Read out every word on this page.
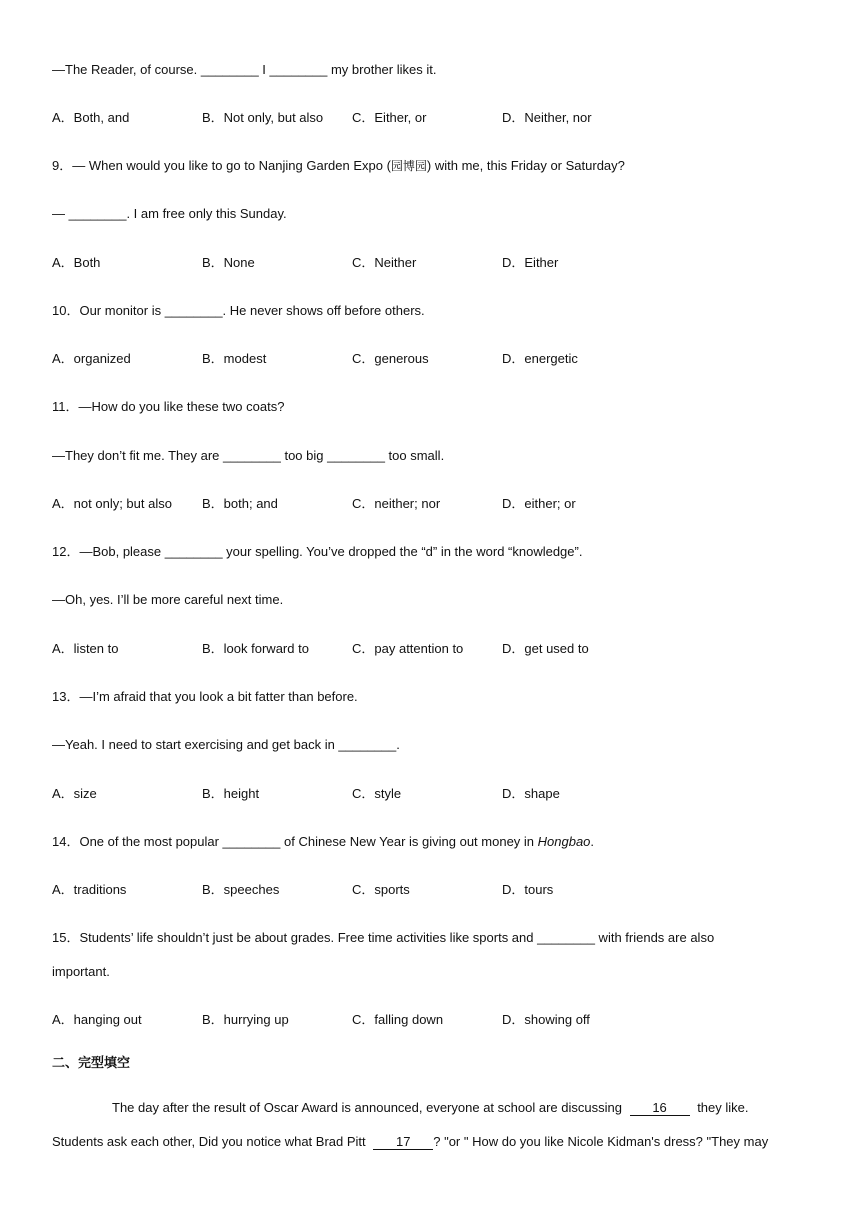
—The Reader, of course. ________ I ________ my brother likes it.
A．Both, and	B．Not only, but also C．Either, or	D．Neither, nor
9．— When would you like to go to Nanjing Garden Expo (园博园) with me, this Friday or Saturday?
— ________. I am free only this Sunday.
A．Both	B．None	C．Neither	D．Either
10．Our monitor is ________. He never shows off before others.
A．organized	B．modest	C．generous	D．energetic
11．—How do you like these two coats?
—They don’t fit me. They are ________ too big ________ too small.
A．not only; but also B．both; and	C．neither; nor	D．either; or
12．—Bob, please ________ your spelling. You’ve dropped the “d” in the word “knowledge”.
—Oh, yes. I’ll be more careful next time.
A．listen to	B．look forward to	C．pay attention to	D．get used to
13．—I’m afraid that you look a bit fatter than before.
—Yeah. I need to start exercising and get back in ________.
A．size	B．height	C．style	D．shape
14．One of the most popular ________ of Chinese New Year is giving out money in Hongbao.
A．traditions	B．speeches	C．sports	D．tours
15．Students’ life shouldn’t just be about grades. Free time activities like sports and ________ with friends are also
important.
A．hanging out	B．hurrying up	C．falling down	D．showing off
二、完型填空
The day after the result of Oscar Award is announced, everyone at school are discussing 16 they like.
Students ask each other, Did you notice what Brad Pitt 17 ? "or " How do you like Nicole Kidman's dress? "They may
